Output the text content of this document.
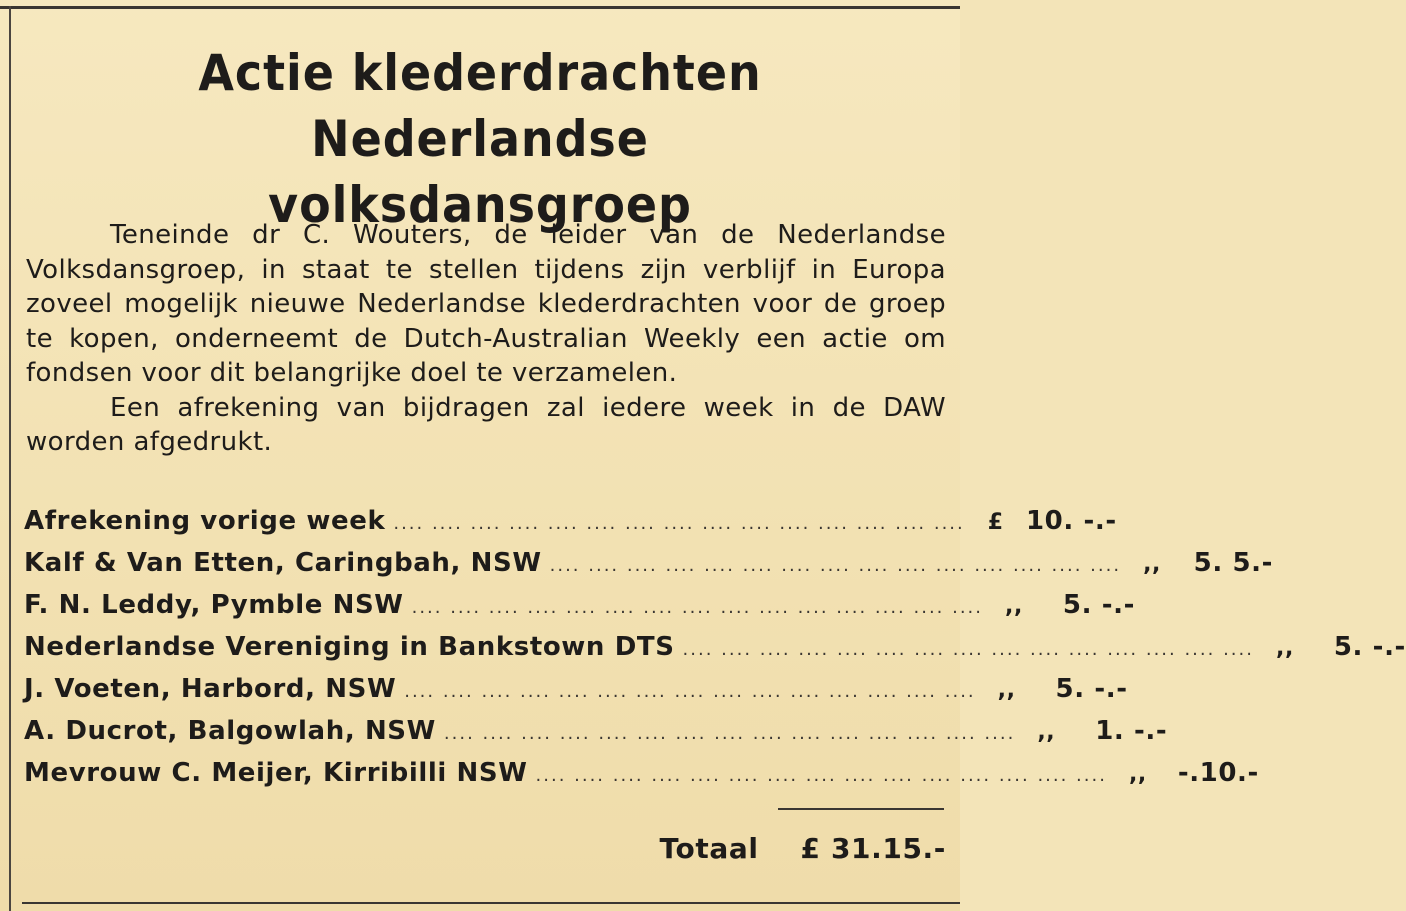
Actie klederdrachten Nederlandse
volksdansgroep

Teneinde dr C. Wouters, de leider van de Nederlandse Volksdansgroep, in staat te stellen tijdens zijn verblijf in Europa zoveel mogelijk nieuwe Nederlandse klederdrachten voor de groep te kopen, onderneemt de Dutch-Australian Weekly een actie om fondsen voor dit belangrijke doel te verzamelen.

Een afrekening van bijdragen zal iedere week in de DAW worden afgedrukt.

Afrekening vorige week .... .... .... .... .... .... .... .... .... .... .... .... .... .... ....	£ 10. -.-
Kalf & Van Etten, Caringbah, NSW .... .... .... .... .... .... .... .... .... .... .... .... .... .... ....	,,	5. 5.-
F. N. Leddy, Pymble NSW .... .... .... .... .... .... .... .... .... .... .... .... .... .... ....	,,	5. -.-
Nederlandse Vereniging in Bankstown DTS .... .... .... .... .... .... .... .... .... .... .... .... .... .... ....	,,	5. -.-
J. Voeten, Harbord, NSW .... .... .... .... .... .... .... .... .... .... .... .... .... .... ....	,,	5. -.-
A. Ducrot, Balgowlah, NSW .... .... .... .... .... .... .... .... .... .... .... .... .... .... ....	,,	1. -.-
Mevrouw C. Meijer, Kirribilli NSW .... .... .... .... .... .... .... .... .... .... .... .... .... .... ....	,,	-.10.-
Totaal £ 31.15.-
